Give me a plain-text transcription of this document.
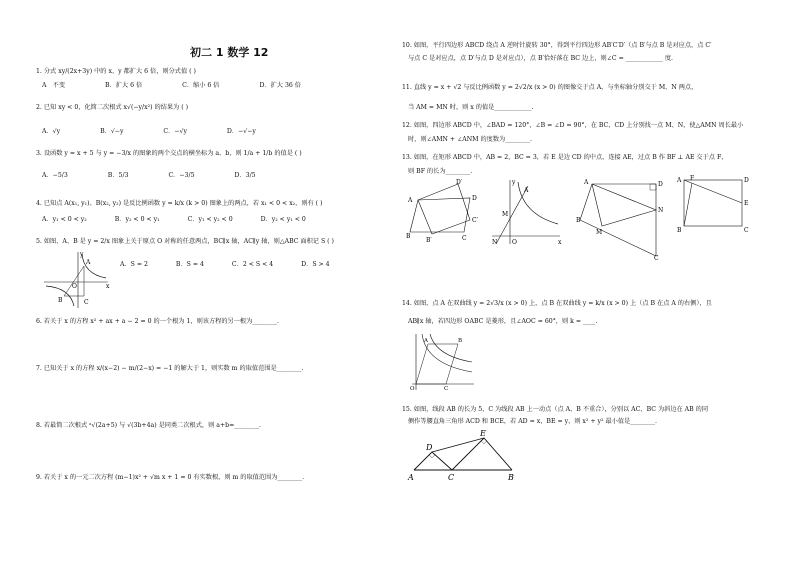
初二 1 数学 12
1. 分式 xy/(2x+3y) 中的 x、y 都扩大 6 倍，则分式值 ( )
A　不变	B．扩大 6 倍	C．缩小 6 倍	D．扩大 36 倍
2. 已知 xy < 0，化简二次根式 x√(−y/x²) 的结果为 ( )
A．√y	B．√−y	C．−√y	D．−√−y
3. 设函数 y = x + 5 与 y = −3/x 的图象的两个交点的横坐标为 a、b，则 1/a + 1/b 的值是 ( )
A．−5/3	B．5/3	C．−3/5	D．3/5
4. 已知点 A(x₁, y₁)、B(x₂, y₂) 是反比例函数 y = k/x (k > 0) 图象上的两点，若 x₁ < 0 < x₂，则有 ( )
A．y₁ < 0 < y₂	B．y₂ < 0 < y₁	C．y₁ < y₂ < 0	D．y₂ < y₁ < 0
5. 如图，A、B 是 y = 2/x 图象上关于原点 O 对称的任意两点，BC∥x 轴，AC∥y 轴，则△ABC 面积记 S ( )
A．S = 2	B．S = 4	C．2 < S < 4	D．S > 4
A
B	C
O	x
y
6. 若关于 x 的方程 x² + ax + a − 2 = 0 的一个根为 1，则该方程的另一根为________.
7. 已知关于 x 的方程 x/(x−2) − m/(2−x) = −1 的解大于 1，则实数 m 的取值范围是________.
8. 若最简二次根式 ᵃ√(2a+5) 与 √(3b+4a) 是同类二次根式，则 a+b=________.
9. 若关于 x 的一元二次方程 (m−1)x² + √m x + 1 = 0 有实数根，则 m 的取值范围为________.
10. 如图，平行四边形 ABCD 绕点 A 逆时针旋转 30°，得到平行四边形 AB′C′D′（点 B′与点 B 是对应点，点 C′
与点 C 是对应点，点 D′与点 D 是对应点），点 B′恰好落在 BC 边上，则∠C = ____________ 度.
11. 直线 y = x + √2 与反比例函数 y = 2√2/x (x > 0) 的图像交于点 A，与坐标轴分别交于 M、N 两点，
当 AM = MN 时，则 x 的值是____________.
12. 如图，四边形 ABCD 中，∠BAD = 120°，∠B = ∠D = 90°，在 BC、CD 上分别找一点 M、N，使△AMN 周长最小
时，则∠AMN + ∠ANM 的度数为________.
13. 如图，在矩形 ABCD 中，AB = 2，BC = 3，若 E 是边 CD 的中点，连接 AE，过点 B 作 BF ⊥ AE 交于点 F，
则 BF 的长为________.
A
B
B′	C
C′
D
D′
A
M
N O	x
y	A
B
C
D
M
N
A
B	C
D
E
F
14. 如图，点 A 在双曲线 y = 2√3/x (x > 0) 上，点 B 在双曲线 y = k/x (x > 0) 上（点 B 在点 A 的右侧），且
AB∥x 轴，若四边形 OABC 是菱形，且∠AOC = 60°，则 k = ____.
A	B
C
O
15. 如图，线段 AB 的长为 5，C 为线段 AB 上一动点（点 A、B 不重合），分别以 AC、BC 为斜边在 AB 的同
侧作等腰直角三角形 ACD 和 BCE，若 AD = x，BE = y，则 x² + y² 最小值是________.
A	C	B
D
E
